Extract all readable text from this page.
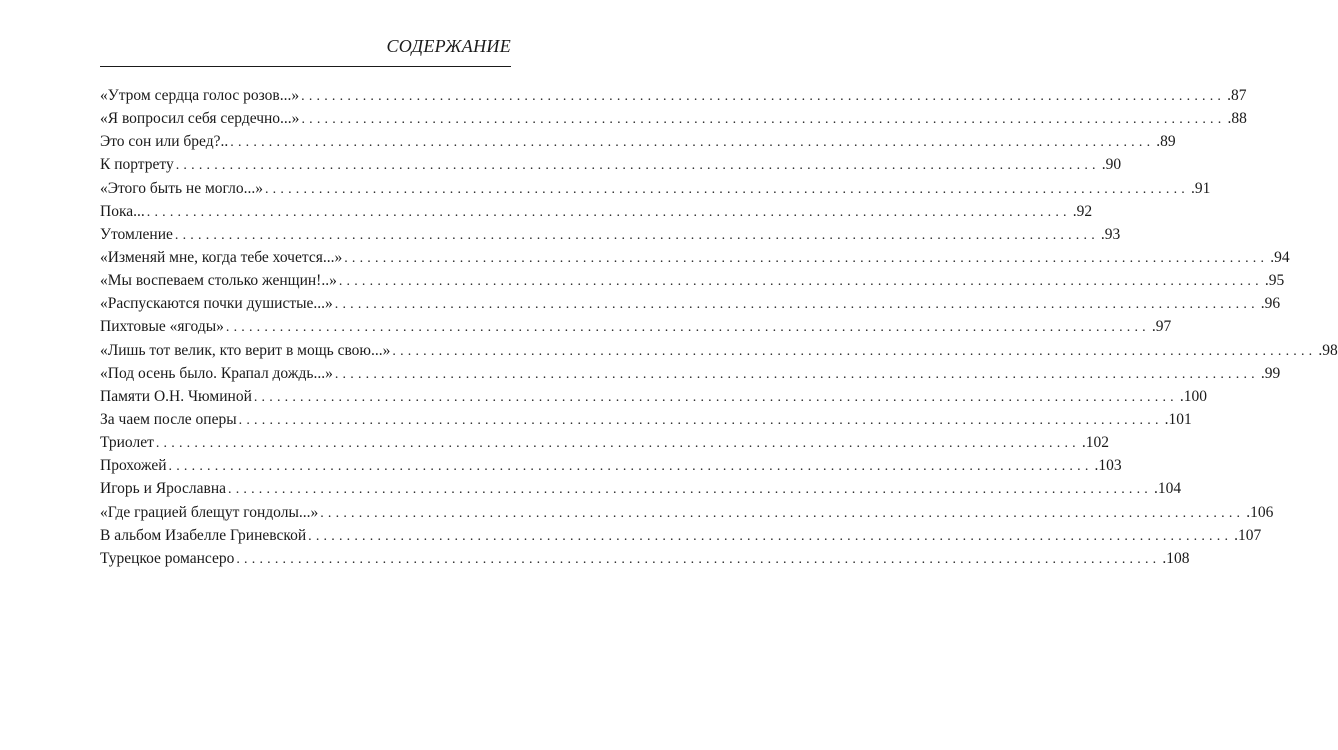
СОДЕРЖАНИЕ
«Утром сердца голос розов...» ........................................................................................................................ .87
«Я вопросил себя сердечно...» ........................................................................................................................ .88
Это сон или бред?.. ........................................................................................................................ .89
К портрету ........................................................................................................................ .90
«Этого быть не могло...» ........................................................................................................................ .91
Пока... ........................................................................................................................ .92
Утомление ........................................................................................................................ .93
«Изменяй мне, когда тебе хочется...» ........................................................................................................................ .94
«Мы воспеваем столько женщин!..» ........................................................................................................................ .95
«Распускаются почки душистые...» ........................................................................................................................ .96
Пихтовые «ягоды» ........................................................................................................................ .97
«Лишь тот велик, кто верит в мощь свою...» ........................................................................................................................ .98
«Под осень было. Крапал дождь...» ........................................................................................................................ .99
Памяти О.Н. Чюминой ........................................................................................................................ .100
За чаем после оперы ........................................................................................................................ .101
Триолет ........................................................................................................................ .102
Прохожей ........................................................................................................................ .103
Игорь и Ярославна ........................................................................................................................ .104
«Где грацией блещут гондолы...» ........................................................................................................................ .106
В альбом Изабелле Гриневской ........................................................................................................................ .107
Турецкое романсеро ........................................................................................................................ .108
